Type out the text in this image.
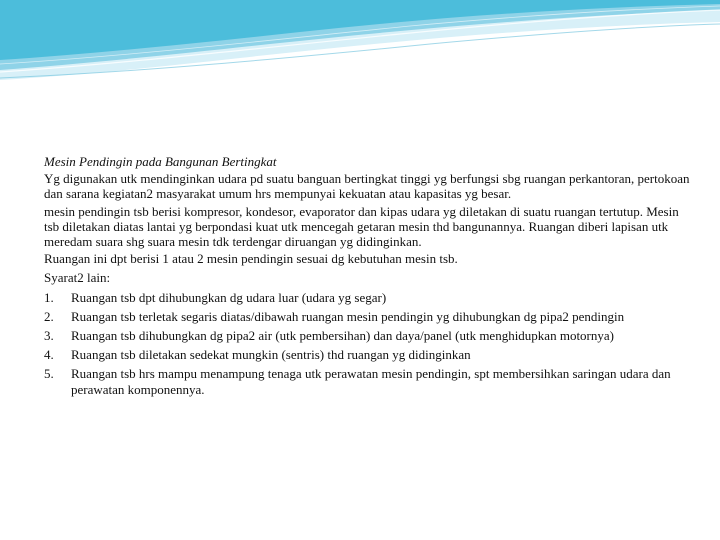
Mesin Pendingin pada Bangunan Bertingkat

Yg digunakan utk mendinginkan udara pd suatu banguan bertingkat tinggi yg berfungsi sbg ruangan perkantoran, pertokoan dan sarana kegiatan2 masyarakat umum hrs mempunyai kekuatan atau kapasitas yg besar.

mesin pendingin tsb berisi kompresor, kondesor, evaporator dan kipas udara yg diletakan di suatu ruangan tertutup. Mesin tsb diletakan diatas lantai yg berpondasi kuat utk mencegah getaran mesin thd bangunannya. Ruangan diberi lapisan utk meredam suara shg suara mesin tdk terdengar diruangan yg didinginkan.

Ruangan ini dpt berisi 1 atau 2 mesin pendingin sesuai dg kebutuhan mesin tsb.

Syarat2 lain:

1.	Ruangan tsb dpt dihubungkan dg udara luar (udara yg segar)
2.	Ruangan tsb terletak segaris diatas/dibawah ruangan mesin pendingin yg dihubungkan dg pipa2 pendingin
3.	Ruangan tsb dihubungkan dg pipa2 air (utk pembersihan) dan daya/panel (utk menghidupkan motornya)
4.	Ruangan tsb diletakan sedekat mungkin (sentris) thd ruangan yg didinginkan
5.	Ruangan tsb hrs mampu menampung tenaga utk perawatan mesin pendingin, spt membersihkan saringan udara dan perawatan komponennya.
